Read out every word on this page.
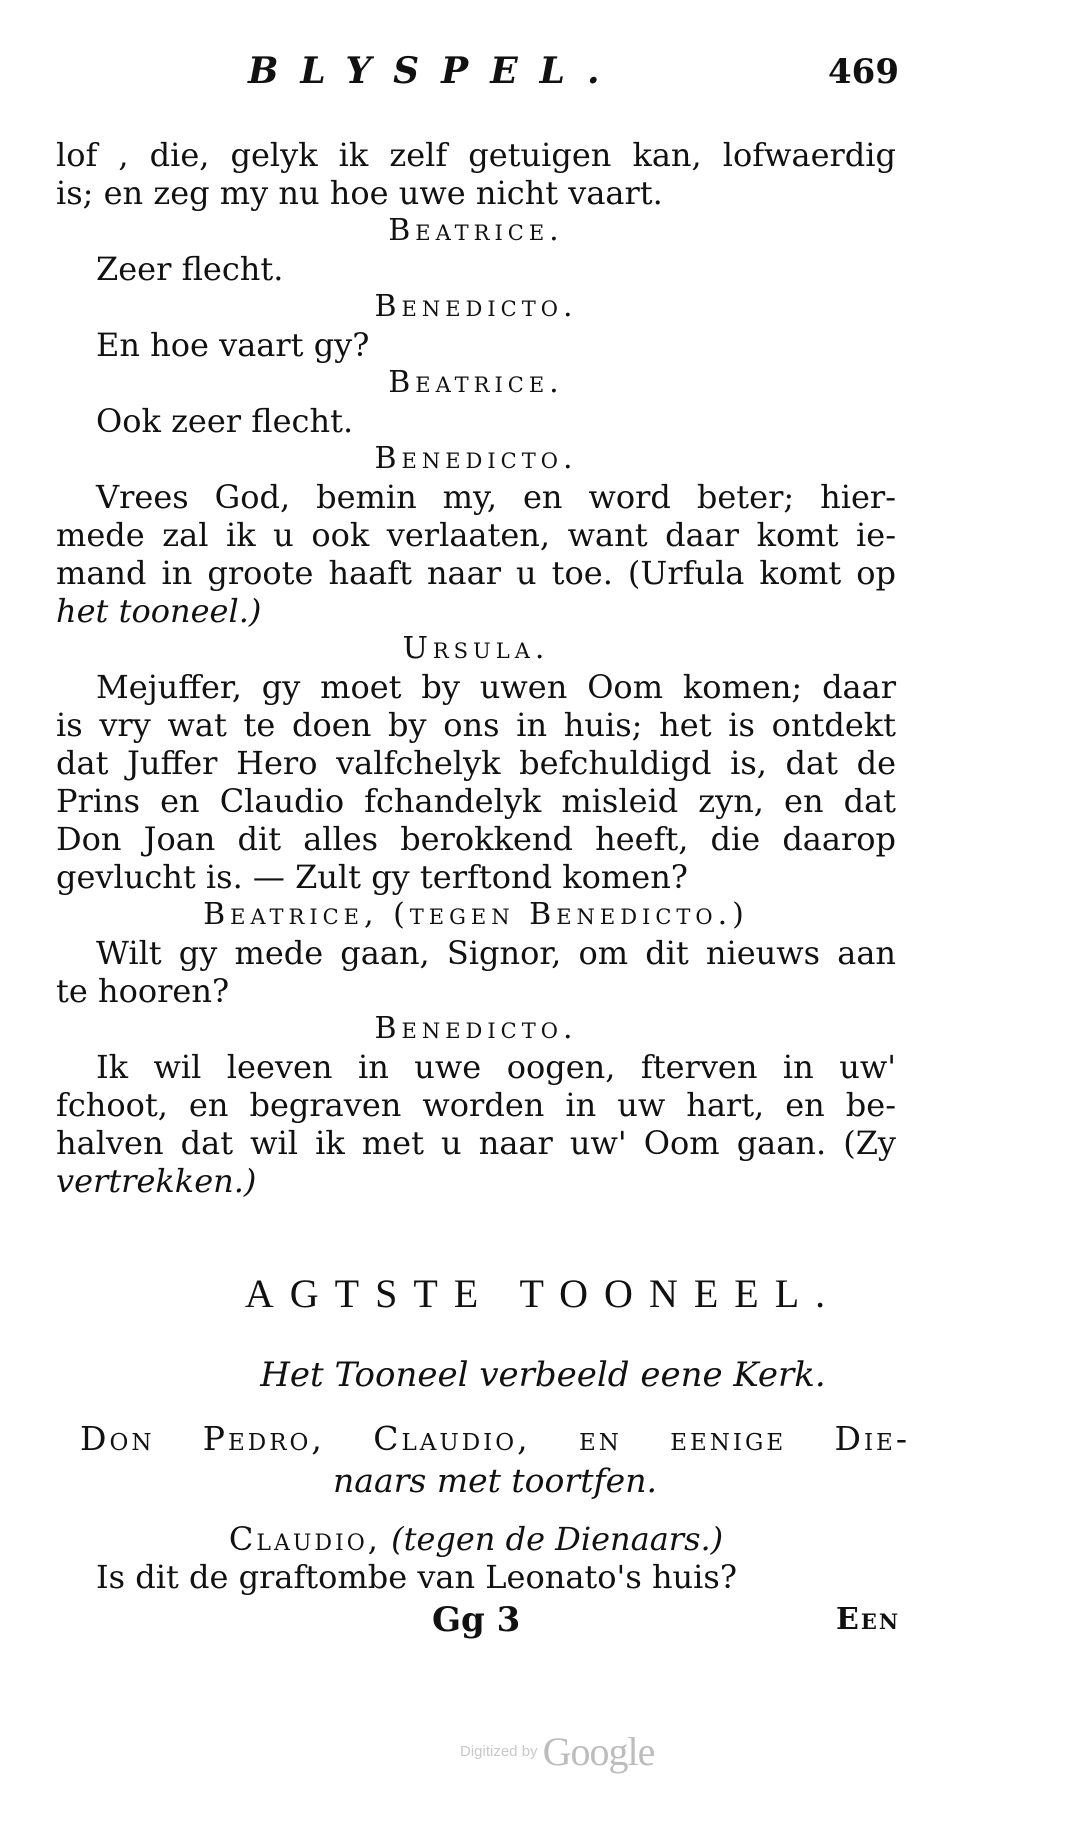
BLYSPEL.	469
lof , die, gelyk ik zelf getuigen kan, lofwaerdig
is; en zeg my nu hoe uwe nicht vaart.
Beatrice.
Zeer flecht.
Benedicto.
En hoe vaart gy?
Beatrice.
Ook zeer flecht.
Benedicto.
Vrees God, bemin my, en word beter; hier-
mede zal ik u ook verlaaten, want daar komt ie-
mand in groote haaft naar u toe. (Urfula komt op
het tooneel.)
Ursula.
Mejuffer, gy moet by uwen Oom komen; daar
is vry wat te doen by ons in huis; het is ontdekt
dat Juffer Hero valfchelyk befchuldigd is, dat de
Prins en Claudio fchandelyk misleid zyn, en dat
Don Joan dit alles berokkend heeft, die daarop
gevlucht is. — Zult gy terftond komen?
Beatrice, (tegen Benedicto.)
Wilt gy mede gaan, Signor, om dit nieuws aan
te hooren?
Benedicto.
Ik wil leeven in uwe oogen, fterven in uw'
fchoot, en begraven worden in uw hart, en be-
halven dat wil ik met u naar uw' Oom gaan. (Zy
vertrekken.)
AGTSTE TOONEEL.
Het Tooneel verbeeld eene Kerk.
Don Pedro, Claudio, en eenige Die-
naars met toortfen.
Claudio, (tegen de Dienaars.)
Is dit de graftombe van Leonato's huis?
Gg 3	Een
Digitized by Google
